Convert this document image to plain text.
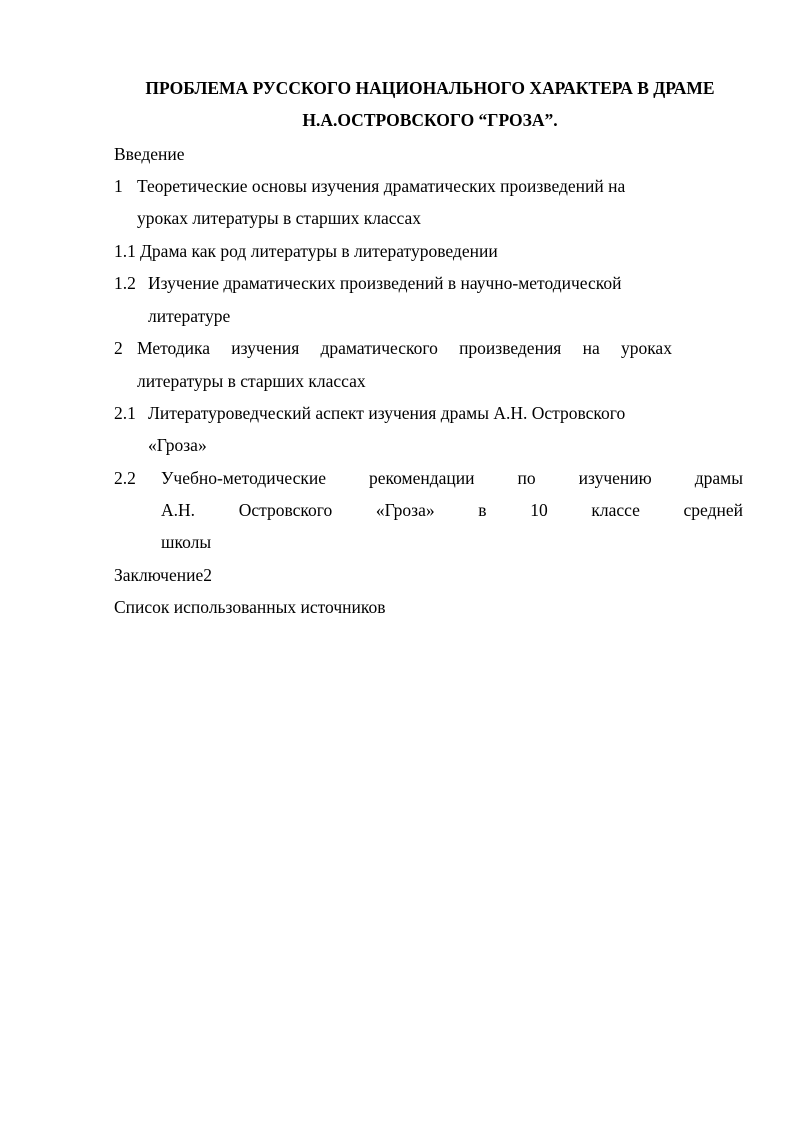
ПРОБЛЕМА РУССКОГО НАЦИОНАЛЬНОГО ХАРАКТЕРА В ДРАМЕ
Н.А.ОСТРОВСКОГО “ГРОЗА”.
Введение
1 Теоретические основы изучения драматических произведений на
уроках литературы в старших классах
1.1 Драма как род литературы в литературоведении
1.2 Изучение драматических произведений в научно-методической
литературе
2 Методика изучения драматического произведения на уроках
литературы в старших классах
2.1 Литературоведческий аспект изучения драмы А.Н. Островского
«Гроза»
2.2 Учебно-методические рекомендации по изучению драмы
А.Н. Островского «Гроза» в 10 классе средней
школы
Заключение2
Список использованных источников
